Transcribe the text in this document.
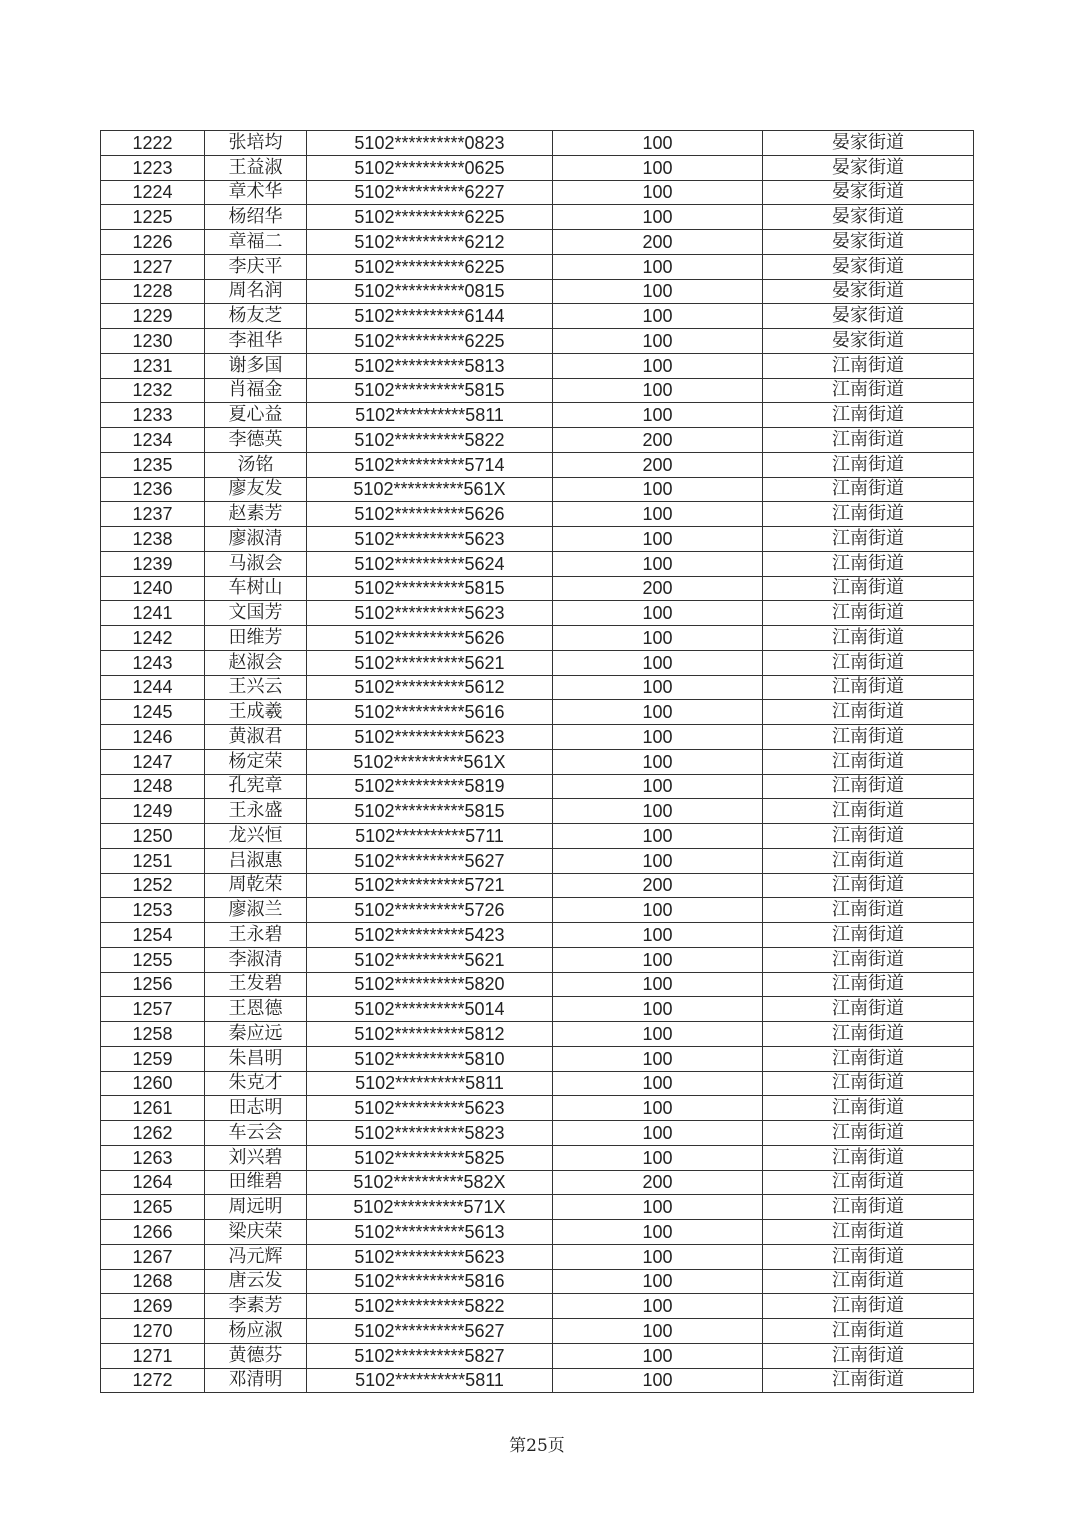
1222	张培均	5102**********0823	100	晏家街道
1223	王益淑	5102**********0625	100	晏家街道
1224	章术华	5102**********6227	100	晏家街道
1225	杨绍华	5102**********6225	100	晏家街道
1226	章福二	5102**********6212	200	晏家街道
1227	李庆平	5102**********6225	100	晏家街道
1228	周名润	5102**********0815	100	晏家街道
1229	杨友芝	5102**********6144	100	晏家街道
1230	李祖华	5102**********6225	100	晏家街道
1231	谢多国	5102**********5813	100	江南街道
1232	肖福金	5102**********5815	100	江南街道
1233	夏心益	5102**********5811	100	江南街道
1234	李德英	5102**********5822	200	江南街道
1235	汤铭	5102**********5714	200	江南街道
1236	廖友发	5102**********561X	100	江南街道
1237	赵素芳	5102**********5626	100	江南街道
1238	廖淑清	5102**********5623	100	江南街道
1239	马淑会	5102**********5624	100	江南街道
1240	车树山	5102**********5815	200	江南街道
1241	文国芳	5102**********5623	100	江南街道
1242	田维芳	5102**********5626	100	江南街道
1243	赵淑会	5102**********5621	100	江南街道
1244	王兴云	5102**********5612	100	江南街道
1245	王成羲	5102**********5616	100	江南街道
1246	黄淑君	5102**********5623	100	江南街道
1247	杨定荣	5102**********561X	100	江南街道
1248	孔宪章	5102**********5819	100	江南街道
1249	王永盛	5102**********5815	100	江南街道
1250	龙兴恒	5102**********5711	100	江南街道
1251	吕淑惠	5102**********5627	100	江南街道
1252	周乾荣	5102**********5721	200	江南街道
1253	廖淑兰	5102**********5726	100	江南街道
1254	王永碧	5102**********5423	100	江南街道
1255	李淑清	5102**********5621	100	江南街道
1256	王发碧	5102**********5820	100	江南街道
1257	王恩德	5102**********5014	100	江南街道
1258	秦应远	5102**********5812	100	江南街道
1259	朱昌明	5102**********5810	100	江南街道
1260	朱克才	5102**********5811	100	江南街道
1261	田志明	5102**********5623	100	江南街道
1262	车云会	5102**********5823	100	江南街道
1263	刘兴碧	5102**********5825	100	江南街道
1264	田维碧	5102**********582X	200	江南街道
1265	周远明	5102**********571X	100	江南街道
1266	梁庆荣	5102**********5613	100	江南街道
1267	冯元辉	5102**********5623	100	江南街道
1268	唐云发	5102**********5816	100	江南街道
1269	李素芳	5102**********5822	100	江南街道
1270	杨应淑	5102**********5627	100	江南街道
1271	黄德芬	5102**********5827	100	江南街道
1272	邓清明	5102**********5811	100	江南街道
第25页
